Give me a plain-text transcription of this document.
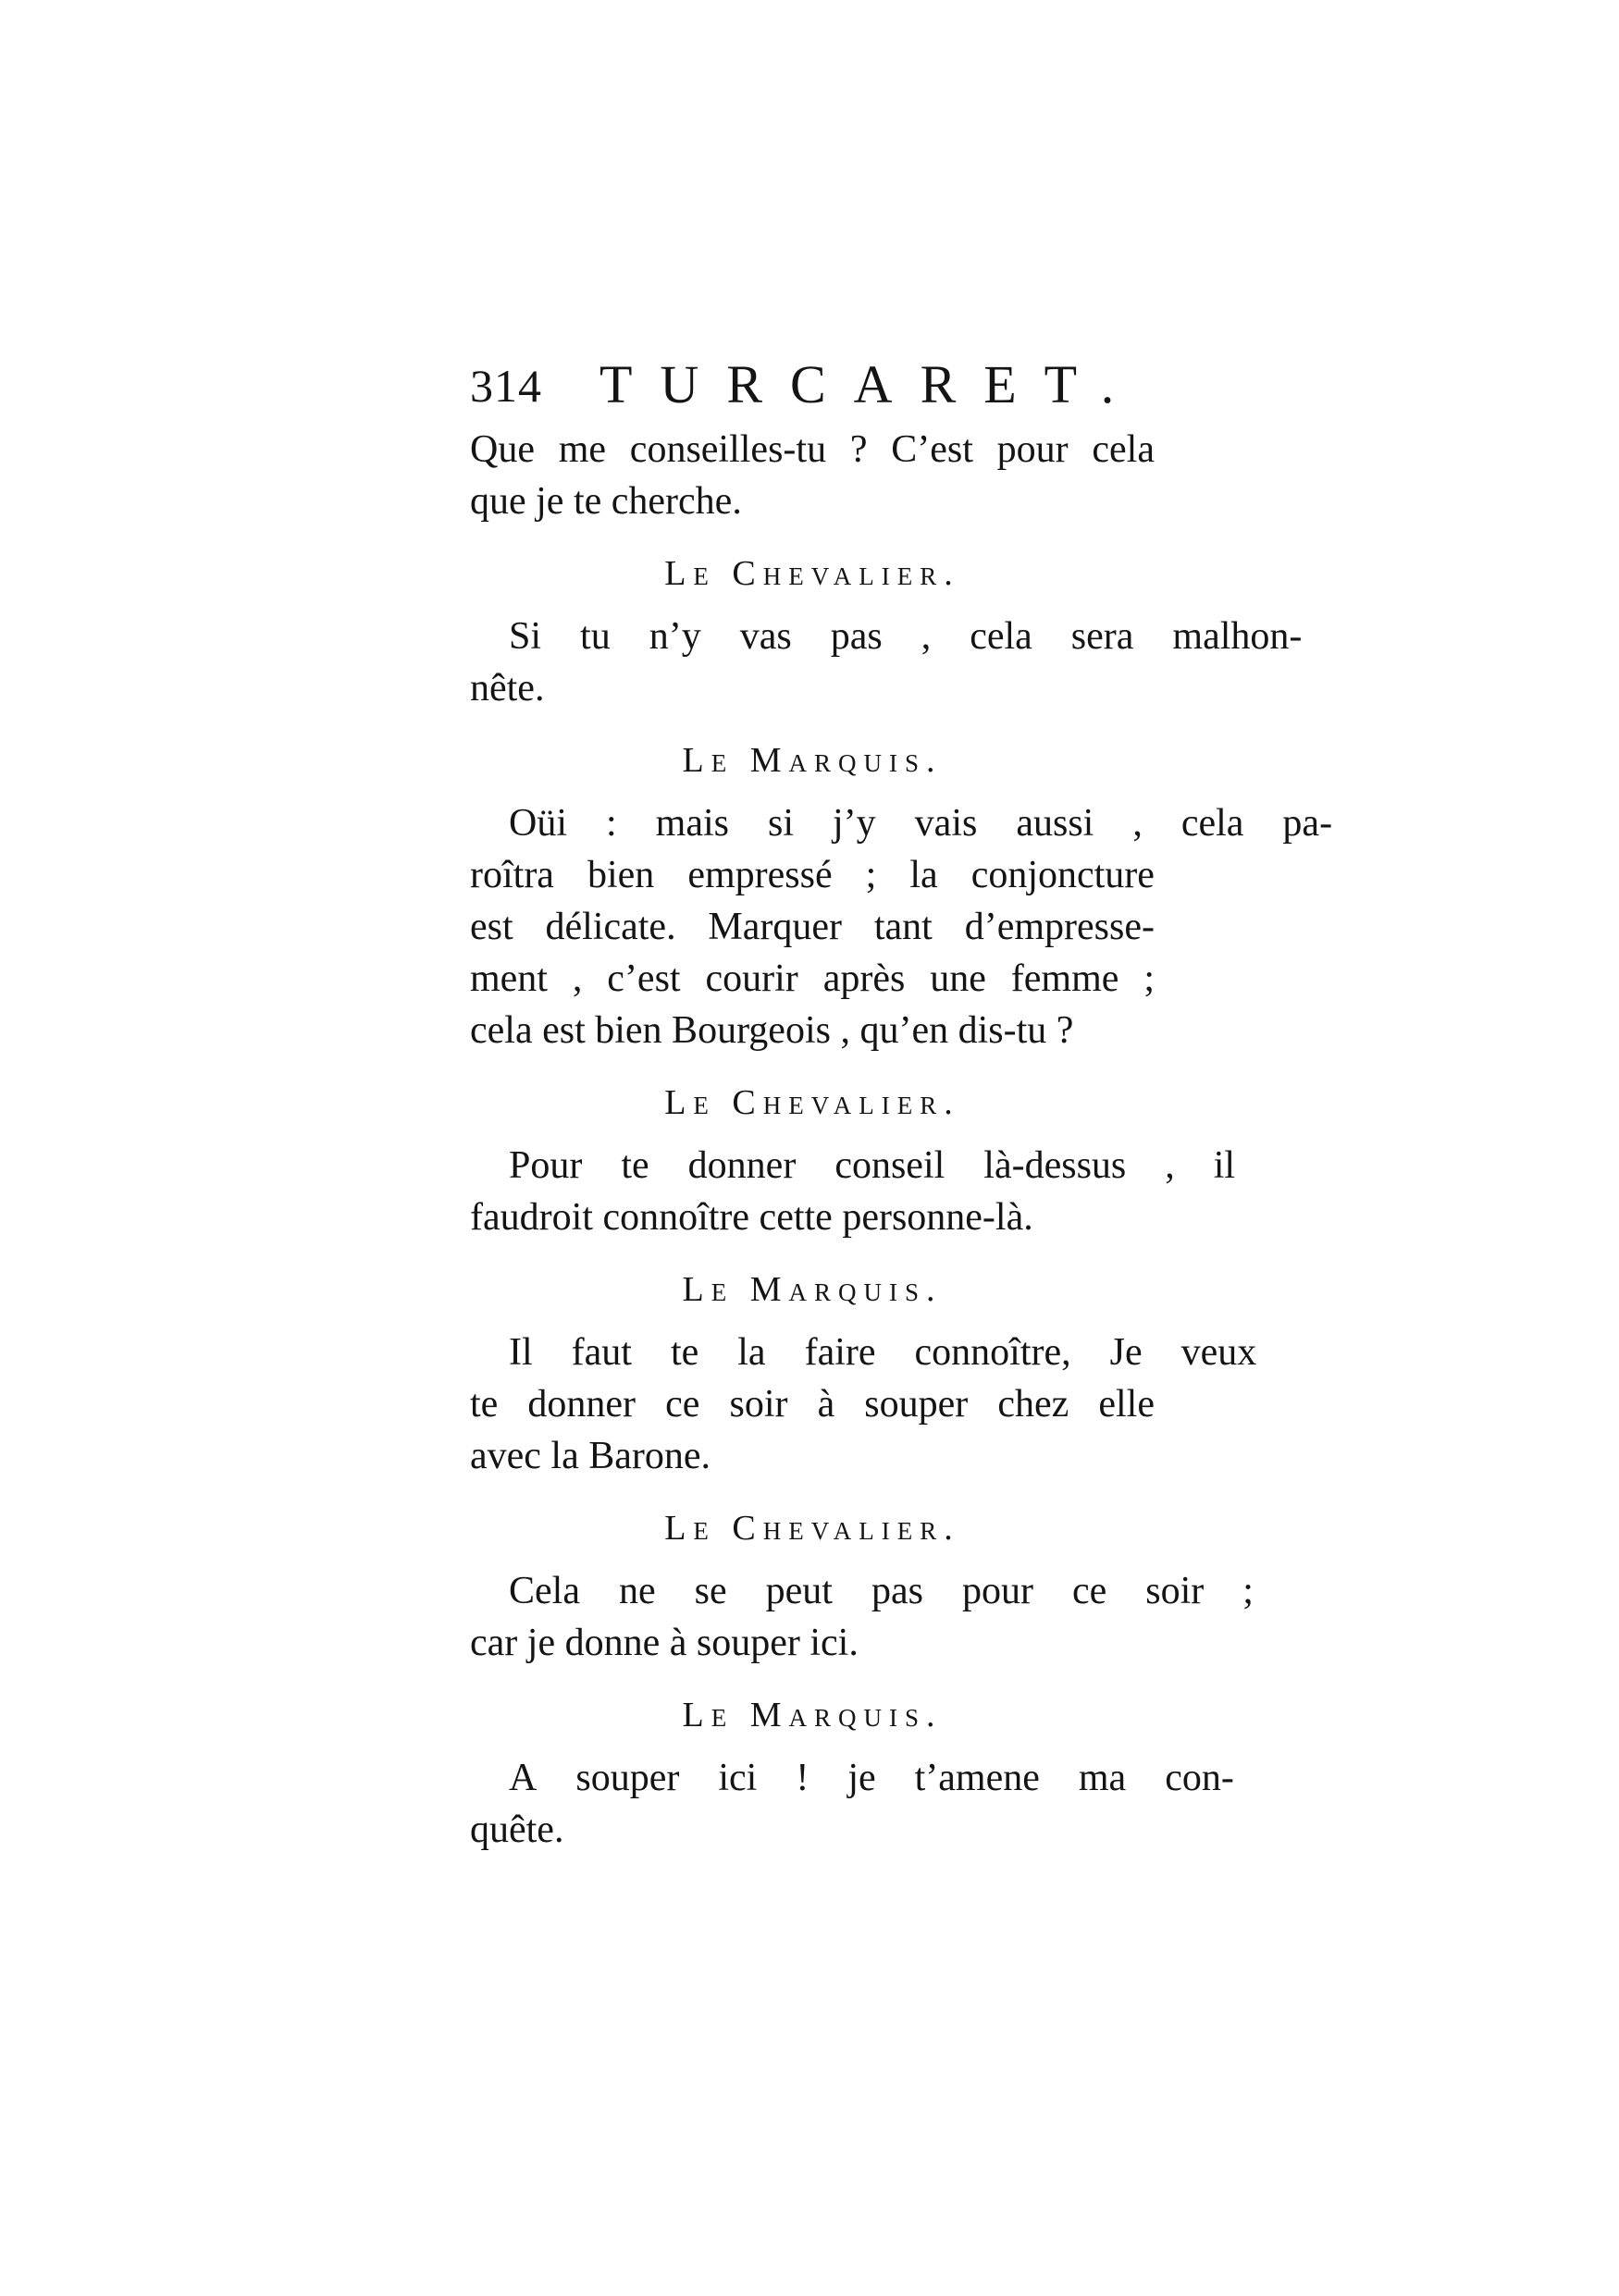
314 TURCARET.
Que me conseilles-tu ? C’est pour cela
que je te cherche.
Le Chevalier.
Si	tu	n’y	vas	pas	,	cela	sera	malhon-
nête.
Le Marquis.
Oüi	:	mais	si	j’y	vais	aussi	,	cela	pa-
roîtra bien empressé ; la conjoncture
est délicate. Marquer tant d’empresse-
ment , c’est courir après une femme ;
cela est bien Bourgeois , qu’en dis-tu ?
Le Chevalier.
Pour	te	donner	conseil	là-dessus	,	il
faudroit connoître cette personne-là.
Le Marquis.
Il	faut	te	la	faire	connoître,	Je	veux
te donner ce soir à souper chez elle
avec la Barone.
Le Chevalier.
Cela	ne	se	peut	pas	pour	ce	soir	;
car je donne à souper ici.
Le Marquis.
A	souper	ici	!	je	t’amene	ma	con-
quête.
